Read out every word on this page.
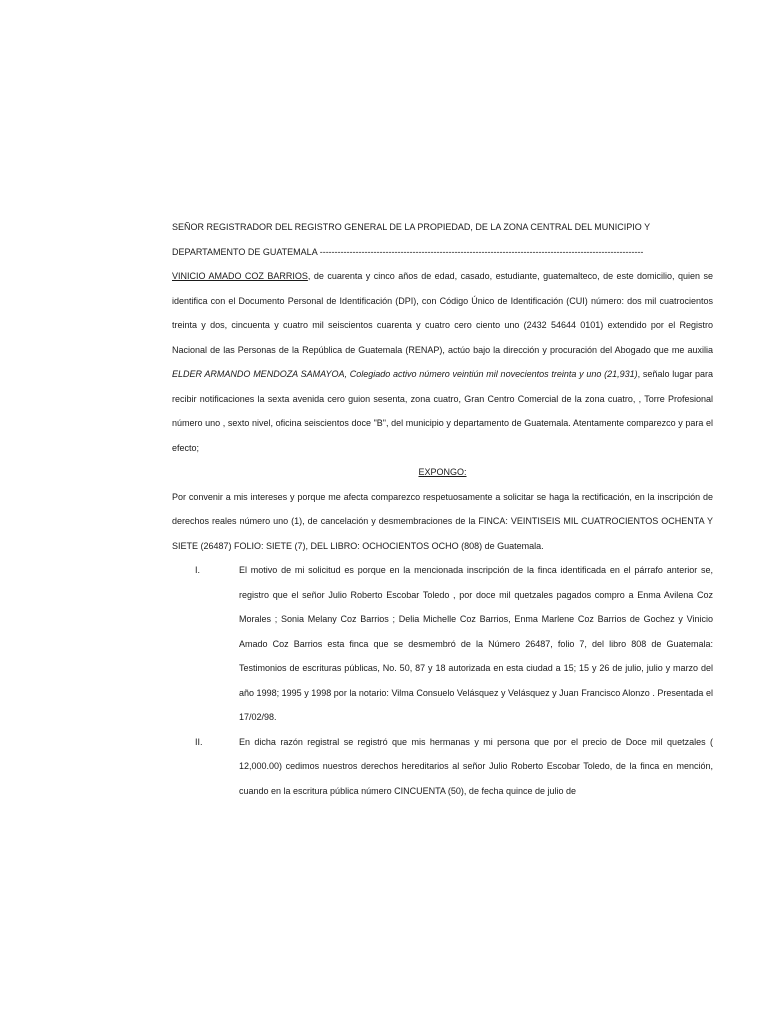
SEÑOR REGISTRADOR DEL REGISTRO GENERAL DE LA PROPIEDAD, DE LA ZONA CENTRAL DEL MUNICIPIO Y

DEPARTAMENTO DE GUATEMALA ------------------------------------------------------------------------------------------------------------

VINICIO AMADO COZ BARRIOS, de cuarenta y cinco años de edad, casado, estudiante, guatemalteco, de este domicilio, quien se identifica con el Documento Personal de Identificación (DPI), con Código Único de Identificación (CUI) número: dos mil cuatrocientos treinta y dos, cincuenta y cuatro mil seiscientos cuarenta y cuatro cero ciento uno (2432 54644 0101) extendido por el Registro Nacional de las Personas de la República de Guatemala (RENAP), actúo bajo la dirección y procuración del Abogado que me auxilia ELDER ARMANDO MENDOZA SAMAYOA, Colegiado activo número veintiún mil novecientos treinta y uno (21,931), señalo lugar para recibir notificaciones la sexta avenida cero guion sesenta, zona cuatro, Gran Centro Comercial de la zona cuatro, , Torre Profesional número uno , sexto nivel, oficina seiscientos doce "B", del municipio y departamento de Guatemala. Atentamente comparezco y para el efecto;

EXPONGO:

Por convenir a mis intereses y porque me afecta comparezco respetuosamente a solicitar se haga la rectificación, en la inscripción de derechos reales número uno (1), de cancelación y desmembraciones de la FINCA: VEINTISEIS MIL CUATROCIENTOS OCHENTA Y SIETE (26487) FOLIO: SIETE (7), DEL LIBRO: OCHOCIENTOS OCHO (808) de Guatemala.

I.	El motivo de mi solicitud es porque en la mencionada inscripción de la finca identificada en el párrafo anterior se, registro que el señor Julio Roberto Escobar Toledo , por doce mil quetzales pagados compro a Enma Avilena Coz Morales ; Sonia Melany Coz Barrios ; Delia Michelle Coz Barrios, Enma Marlene Coz Barrios de Gochez y Vinicio Amado Coz Barrios esta finca que se desmembró de la Número 26487, folio 7, del libro 808 de Guatemala: Testimonios de escrituras públicas, No. 50, 87 y 18 autorizada en esta ciudad a 15; 15 y 26 de julio, julio y marzo del año 1998; 1995 y 1998 por la notario: Vilma Consuelo Velásquez y Velásquez y Juan Francisco Alonzo . Presentada el 17/02/98.
II.	En dicha razón registral se registró que mis hermanas y mi persona que por el precio de Doce mil quetzales ( 12,000.00) cedimos nuestros derechos hereditarios al señor Julio Roberto Escobar Toledo, de la finca en mención, cuando en la escritura pública número CINCUENTA (50), de fecha quince de julio de
